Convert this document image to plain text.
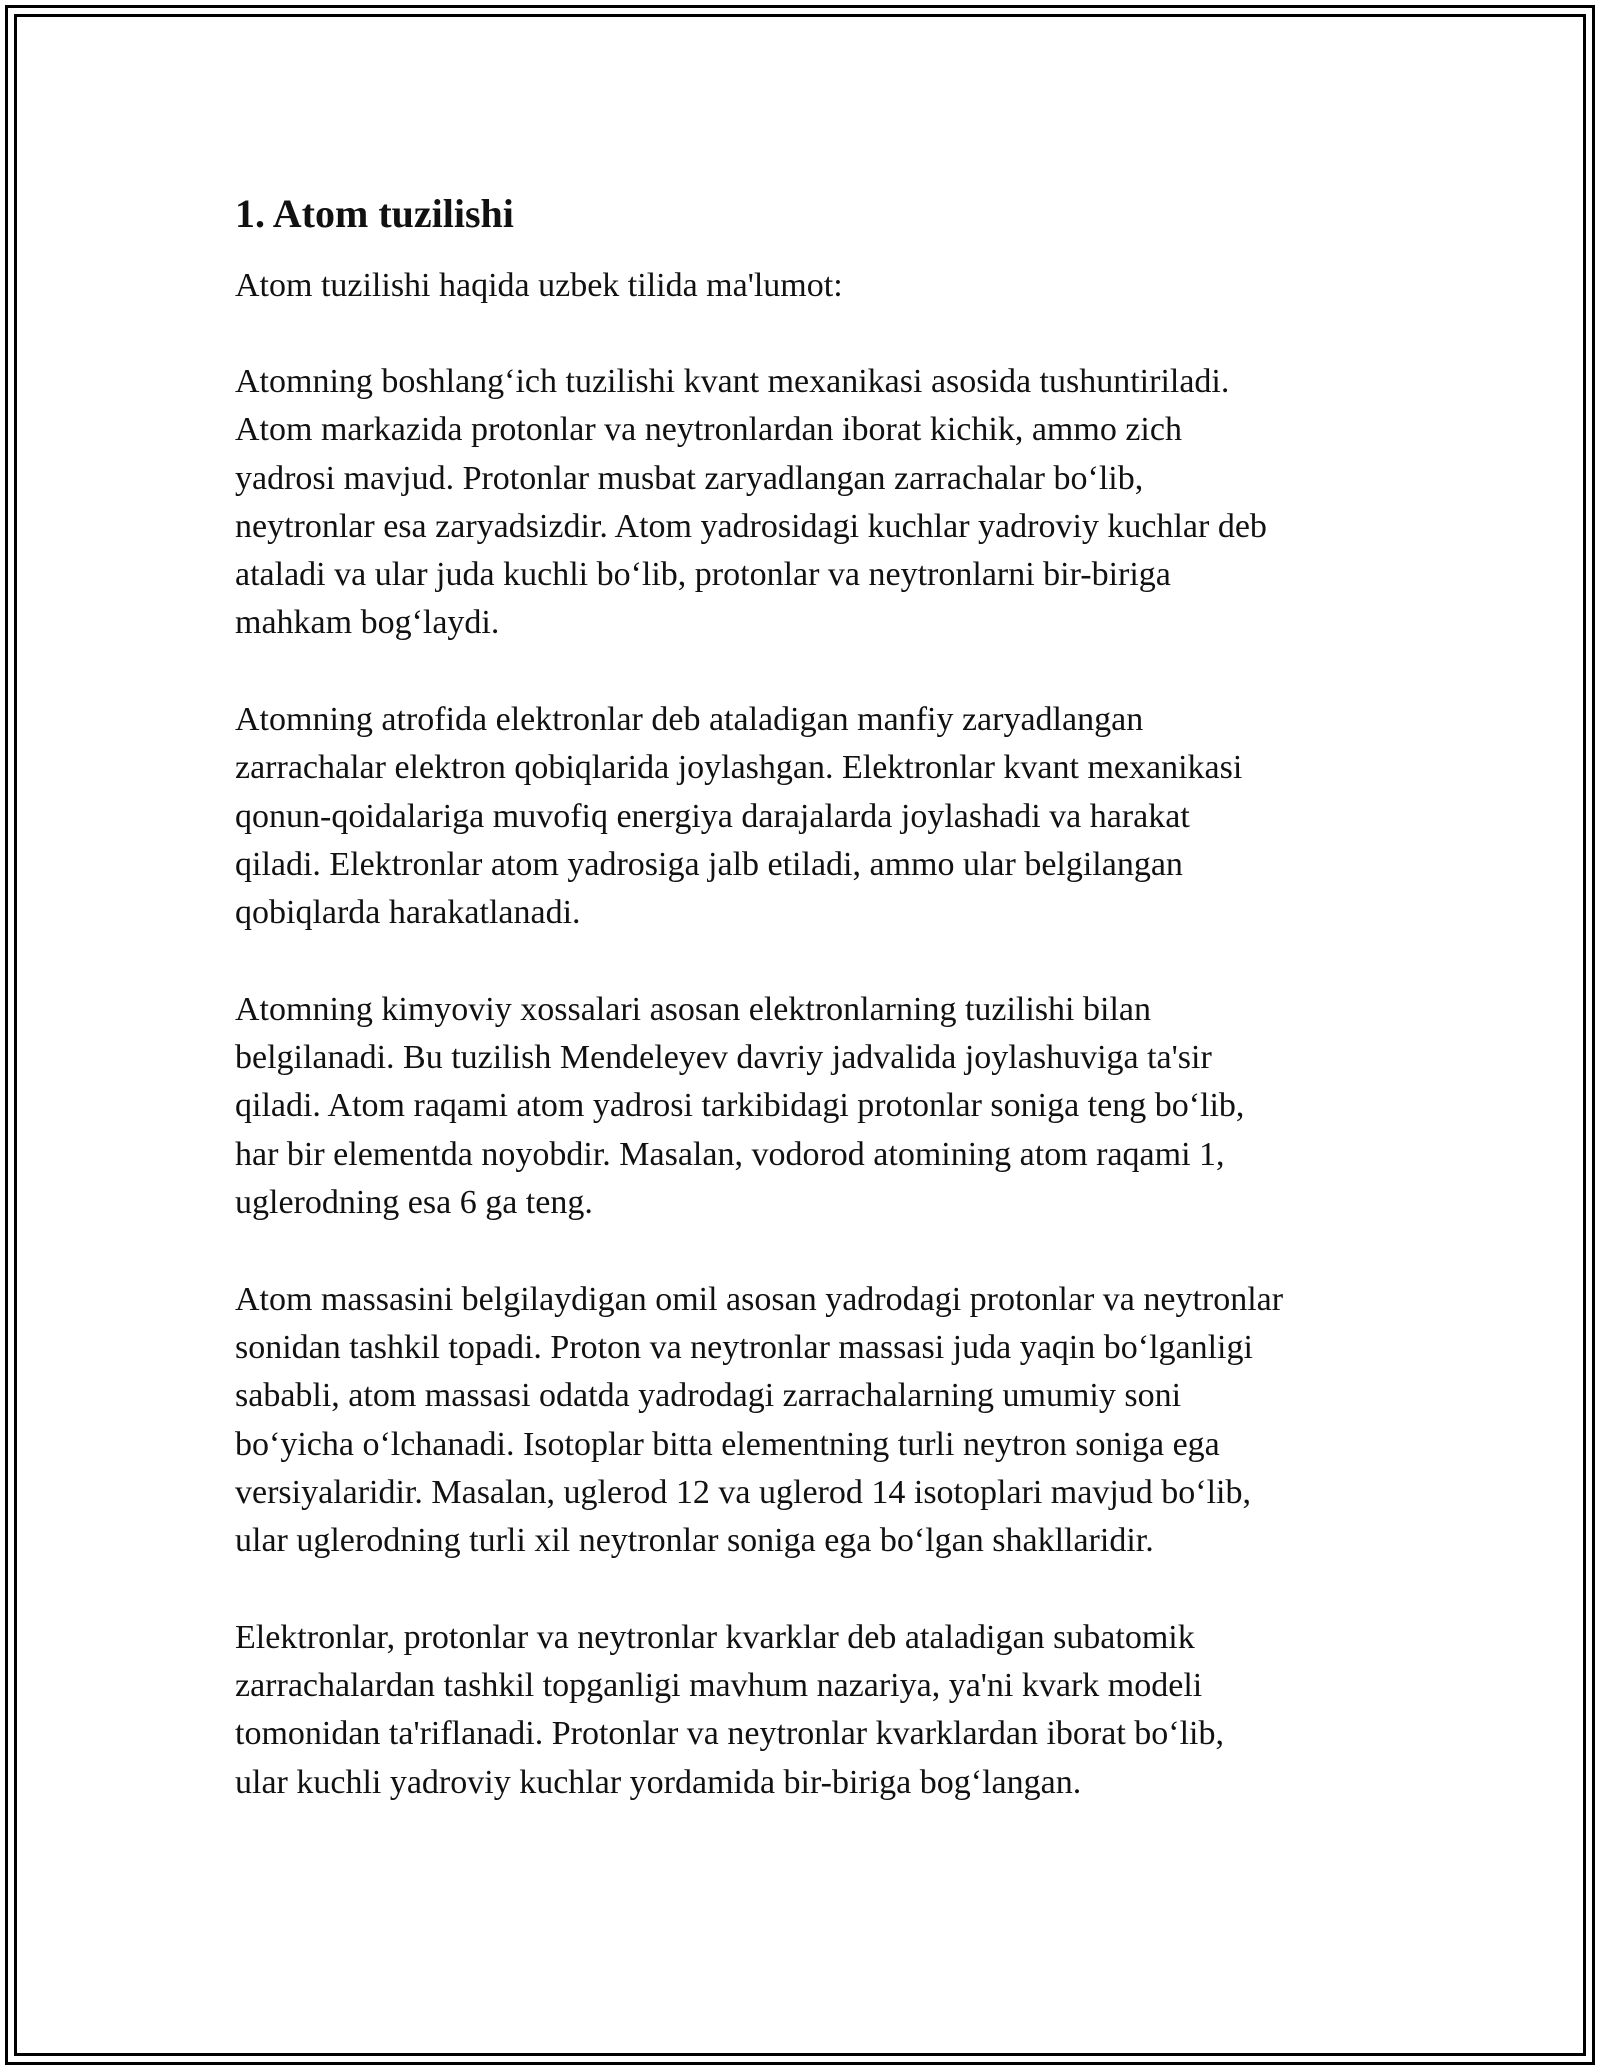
1. Atom tuzilishi

Atom tuzilishi haqida uzbek tilida ma'lumot:

Atomning boshlang‘ich tuzilishi kvant mexanikasi asosida tushuntiriladi.
Atom markazida protonlar va neytronlardan iborat kichik, ammo zich
yadrosi mavjud. Protonlar musbat zaryadlangan zarrachalar bo‘lib,
neytronlar esa zaryadsizdir. Atom yadrosidagi kuchlar yadroviy kuchlar deb
ataladi va ular juda kuchli bo‘lib, protonlar va neytronlarni bir-biriga
mahkam bog‘laydi.

Atomning atrofida elektronlar deb ataladigan manfiy zaryadlangan
zarrachalar elektron qobiqlarida joylashgan. Elektronlar kvant mexanikasi
qonun-qoidalariga muvofiq energiya darajalarda joylashadi va harakat
qiladi. Elektronlar atom yadrosiga jalb etiladi, ammo ular belgilangan
qobiqlarda harakatlanadi.

Atomning kimyoviy xossalari asosan elektronlarning tuzilishi bilan
belgilanadi. Bu tuzilish Mendeleyev davriy jadvalida joylashuviga ta'sir
qiladi. Atom raqami atom yadrosi tarkibidagi protonlar soniga teng bo‘lib,
har bir elementda noyobdir. Masalan, vodorod atomining atom raqami 1,
uglerodning esa 6 ga teng.

Atom massasini belgilaydigan omil asosan yadrodagi protonlar va neytronlar
sonidan tashkil topadi. Proton va neytronlar massasi juda yaqin bo‘lganligi
sababli, atom massasi odatda yadrodagi zarrachalarning umumiy soni
bo‘yicha o‘lchanadi. Isotoplar bitta elementning turli neytron soniga ega
versiyalaridir. Masalan, uglerod 12 va uglerod 14 isotoplari mavjud bo‘lib,
ular uglerodning turli xil neytronlar soniga ega bo‘lgan shakllaridir.

Elektronlar, protonlar va neytronlar kvarklar deb ataladigan subatomik
zarrachalardan tashkil topganligi mavhum nazariya, ya'ni kvark modeli
tomonidan ta'riflanadi. Protonlar va neytronlar kvarklardan iborat bo‘lib,
ular kuchli yadroviy kuchlar yordamida bir-biriga bog‘langan.
